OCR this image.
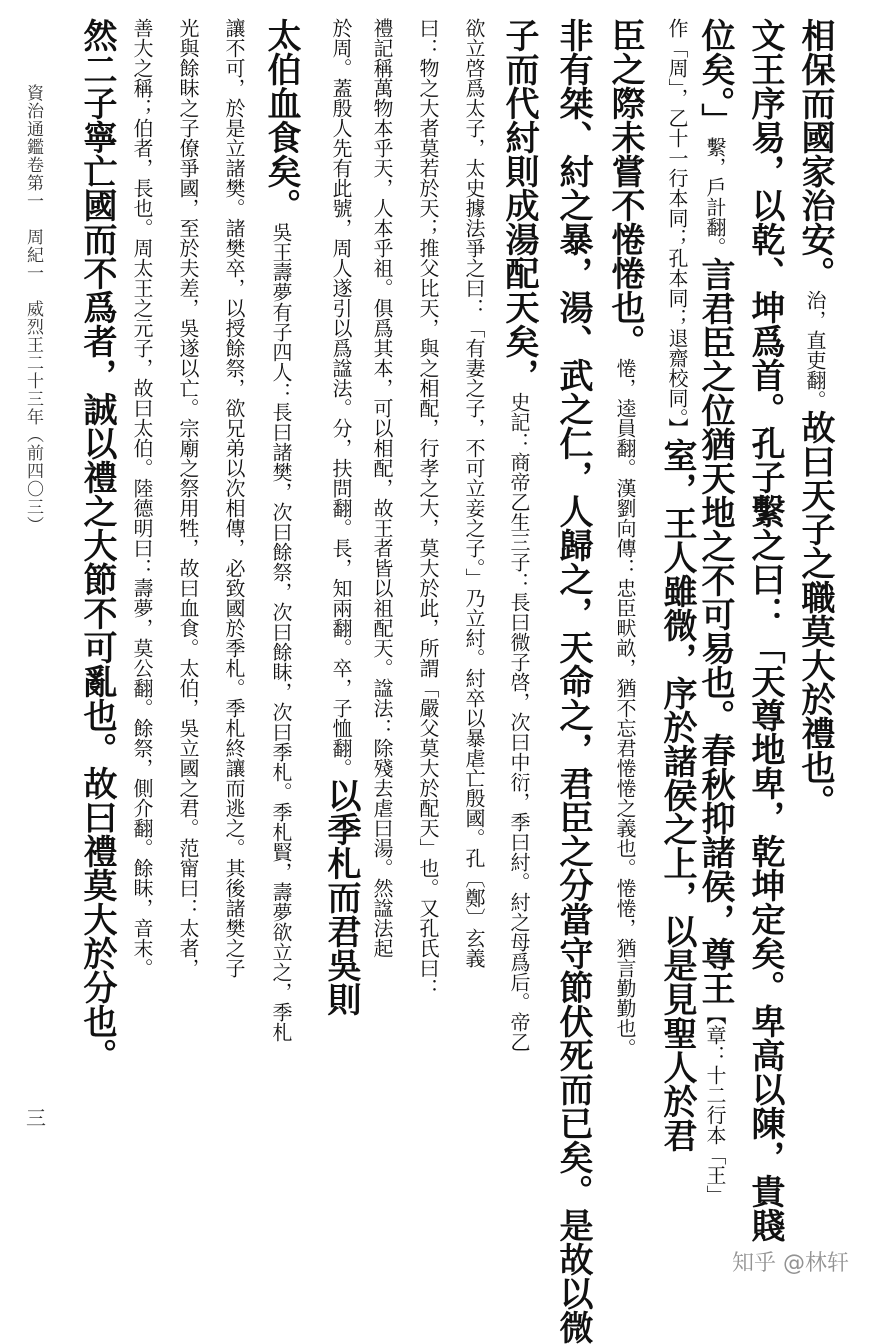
相保而國家治安。治，直吏翻。故曰天子之職莫大於禮也。
文王序易，以乾、坤爲首。孔子繫之曰：「天尊地卑，乾坤定矣。卑高以陳，貴賤
位矣。」繫，戶計翻。言君臣之位猶天地之不可易也。春秋抑諸侯，尊王【章：十二行本「王」
作「周」，乙十一行本同；孔本同；退齋校同。】室，王人雖微，序於諸侯之上，以是見聖人於君
臣之際未嘗不惓惓也。惓，逵員翻。漢劉向傳：忠臣畎畝，猶不忘君惓惓之義也。惓惓，猶言勤勤也。
非有桀、紂之暴，湯、武之仁，人歸之，天命之，君臣之分當守節伏死而已矣。是故以微
子而代紂則成湯配天矣，史記：商帝乙生三子：長曰微子啓，次曰中衍，季曰紂。紂之母爲后。帝乙
欲立啓爲太子，太史據法爭之曰：「有妻之子，不可立妾之子。」乃立紂。紂卒以暴虐亡殷國。孔〔鄭〕玄義
曰：物之大者莫若於天；推父比天，與之相配，行孝之大，莫大於此，所謂「嚴父莫大於配天」也。又孔氏曰：
禮記稱萬物本乎天，人本乎祖。俱爲其本，可以相配，故王者皆以祖配天。諡法：除殘去虐曰湯。然諡法起
於周。蓋殷人先有此號，周人遂引以爲諡法。分，扶問翻。長，知兩翻。卒，子恤翻。以季札而君吳則
太伯血食矣。吳王壽夢有子四人：長曰諸樊，次曰餘祭，次曰餘眜，次曰季札。季札賢，壽夢欲立之，季札
讓不可，於是立諸樊。諸樊卒，以授餘祭，欲兄弟以次相傳，必致國於季札。季札終讓而逃之。其後諸樊之子
光與餘眜之子僚爭國，至於夫差，吳遂以亡。宗廟之祭用牲，故曰血食。太伯，吳立國之君。范甯曰：太者，
善大之稱；伯者，長也。周太王之元子，故曰太伯。陸德明曰：壽夢，莫公翻。餘祭，側介翻。餘眜，音末。
然二子寧亡國而不爲者，誠以禮之大節不可亂也。故曰禮莫大於分也。
資治通鑑卷第一　周紀一　威烈王二十三年（前四〇三）
三
知乎 @林轩
